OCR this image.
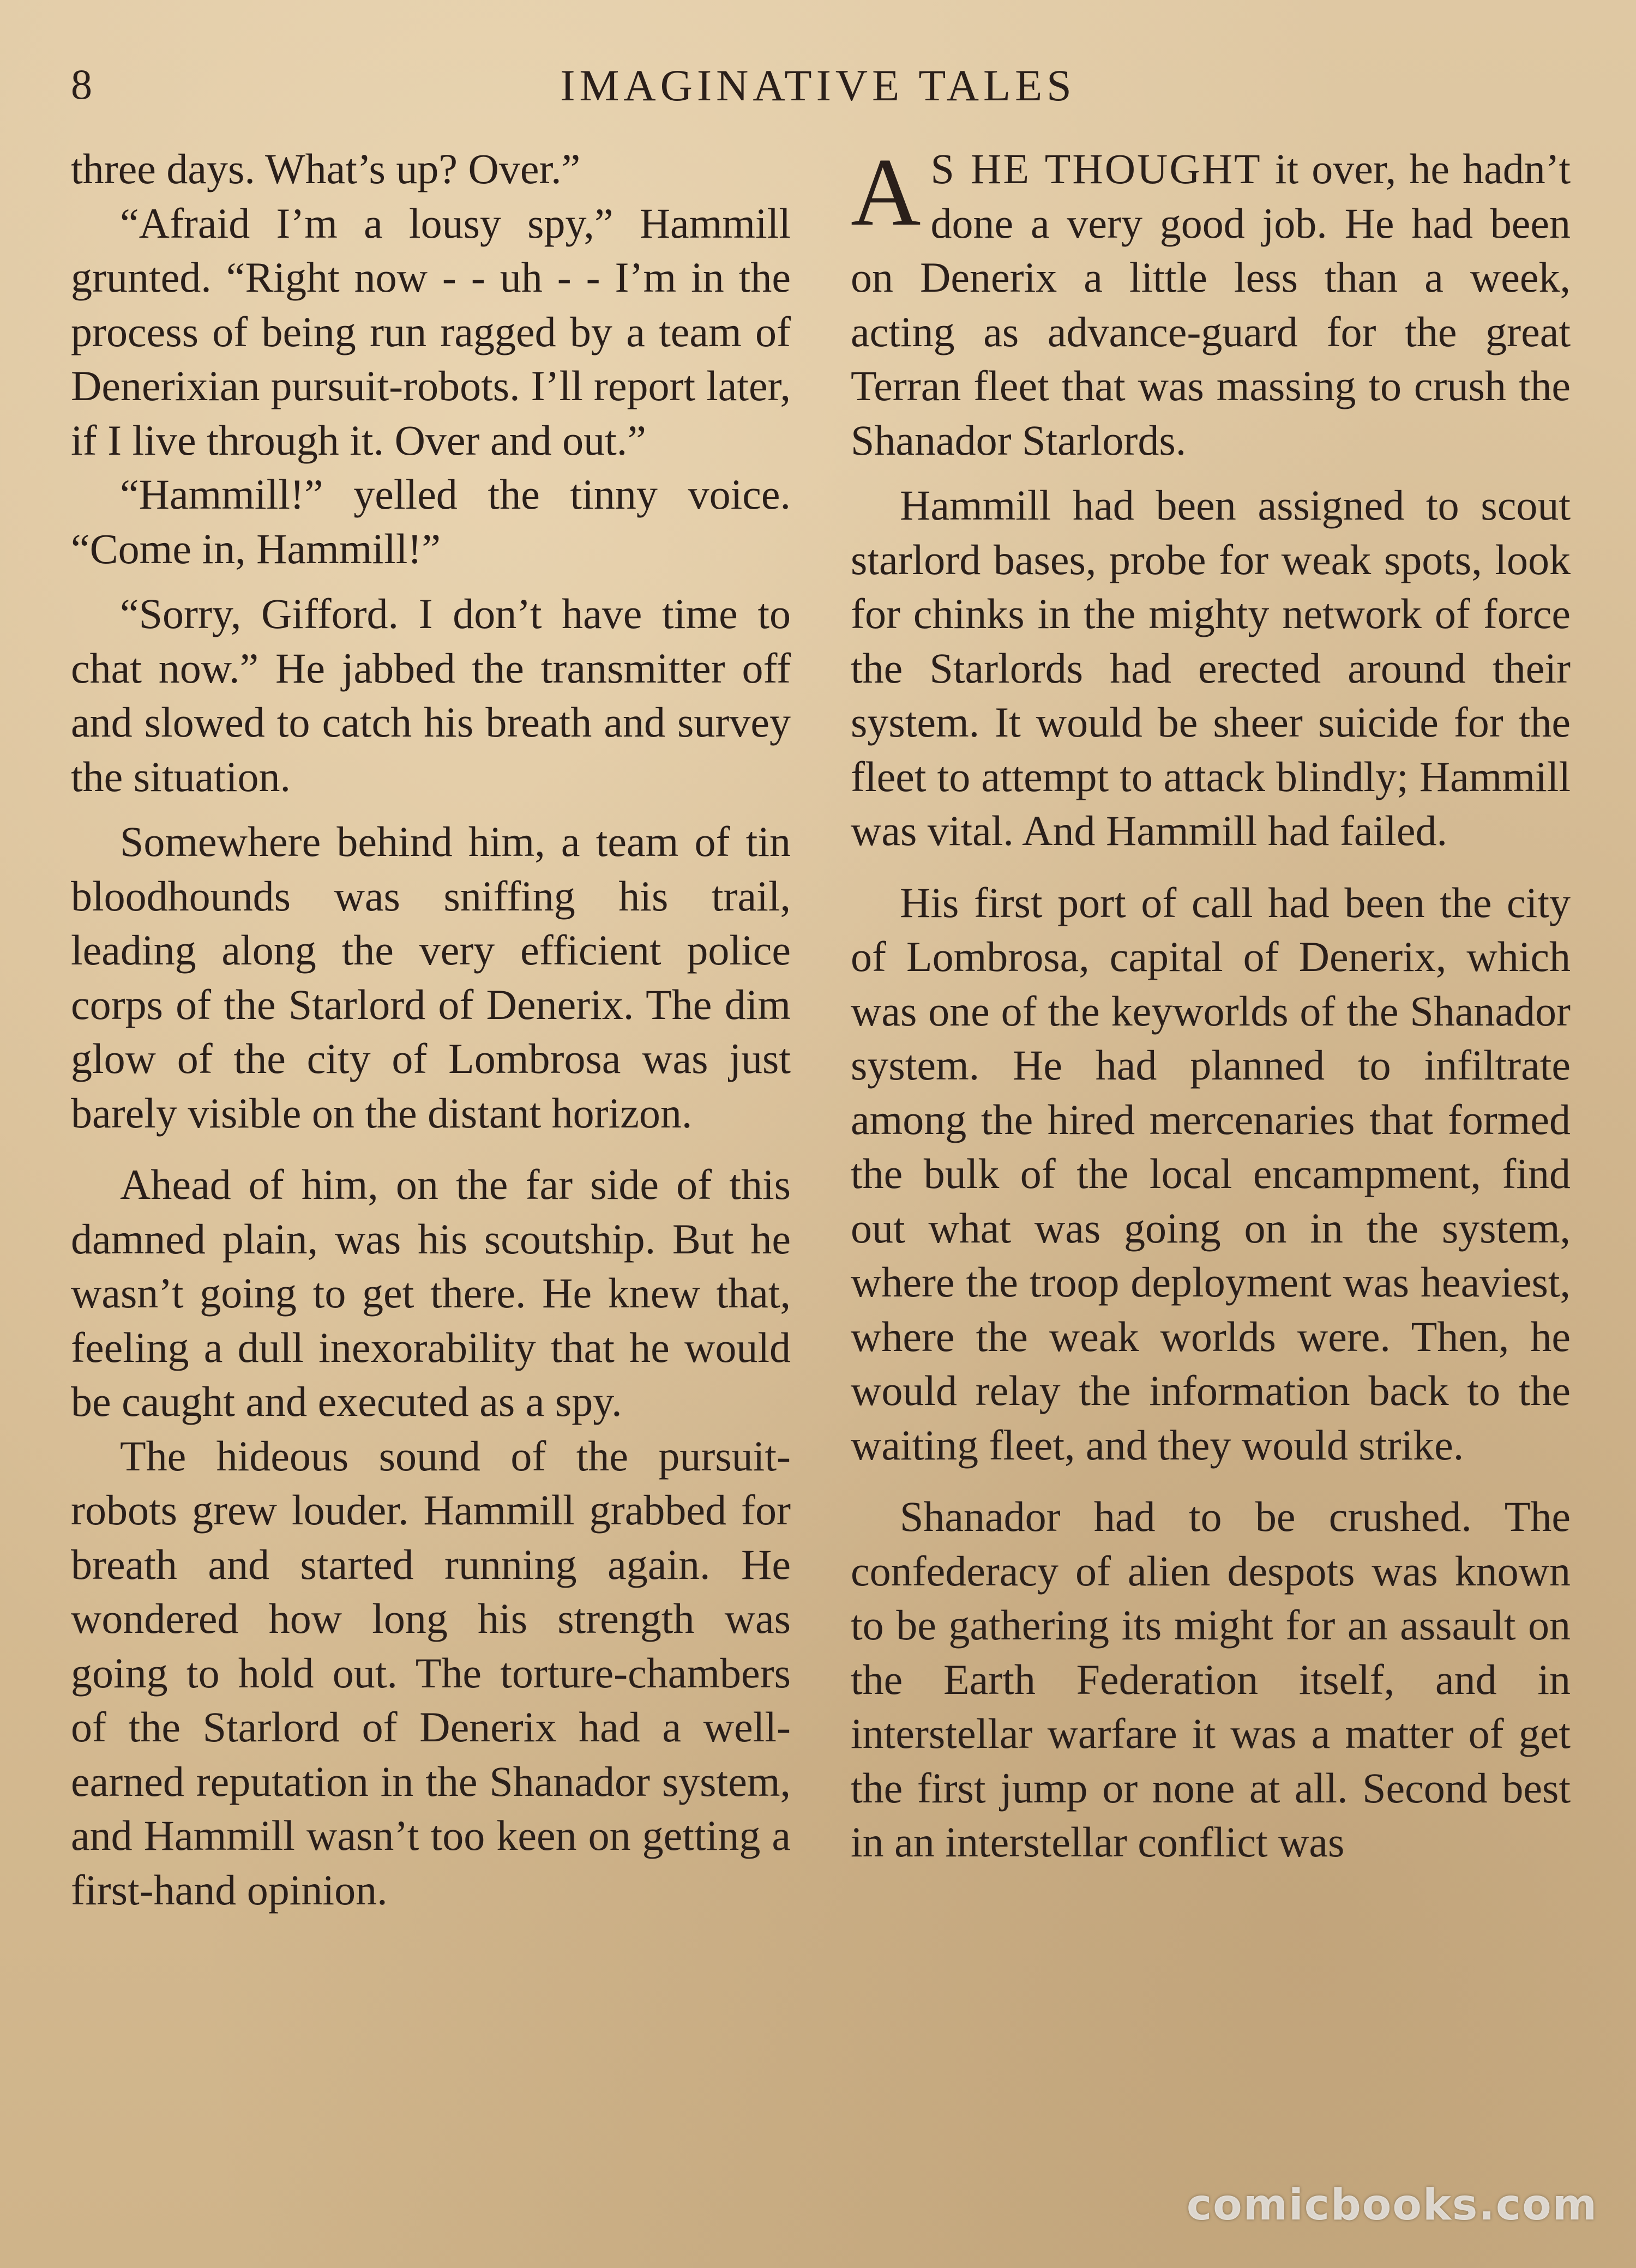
8	IMAGINATIVE TALES

three days. What’s up? Over.”

“Afraid I’m a lousy spy,” Hammill grunted. “Right now - - uh - - I’m in the process of being run ragged by a team of Denerixian pursuit-robots. I’ll report later, if I live through it. Over and out.”

“Hammill!” yelled the tinny voice. “Come in, Hammill!”

“Sorry, Gifford. I don’t have time to chat now.” He jabbed the transmitter off and slowed to catch his breath and survey the situation.

Somewhere behind him, a team of tin bloodhounds was sniffing his trail, leading along the very efficient police corps of the Starlord of Denerix. The dim glow of the city of Lombrosa was just barely visible on the distant horizon.

Ahead of him, on the far side of this damned plain, was his scoutship. But he wasn’t going to get there. He knew that, feeling a dull inexorability that he would be caught and executed as a spy.

The hideous sound of the pursuit-robots grew louder. Hammill grabbed for breath and started running again. He wondered how long his strength was going to hold out. The torture-chambers of the Starlord of Denerix had a well-earned reputation in the Shanador system, and Hammill wasn’t too keen on getting a first-hand opinion.

A S HE THOUGHT it over, he hadn’t done a very good job. He had been on Denerix a little less than a week, acting as advance-guard for the great Terran fleet that was massing to crush the Shanador Starlords.

Hammill had been assigned to scout starlord bases, probe for weak spots, look for chinks in the mighty network of force the Starlords had erected around their system. It would be sheer suicide for the fleet to attempt to attack blindly; Hammill was vital. And Hammill had failed.

His first port of call had been the city of Lombrosa, capital of Denerix, which was one of the keyworlds of the Shanador system. He had planned to infiltrate among the hired mercenaries that formed the bulk of the local encampment, find out what was going on in the system, where the troop deployment was heaviest, where the weak worlds were. Then, he would relay the information back to the waiting fleet, and they would strike.

Shanador had to be crushed. The confederacy of alien despots was known to be gathering its might for an assault on the Earth Federation itself, and in interstellar warfare it was a matter of get the first jump or none at all. Second best in an interstellar conflict was

comicbooks.com
